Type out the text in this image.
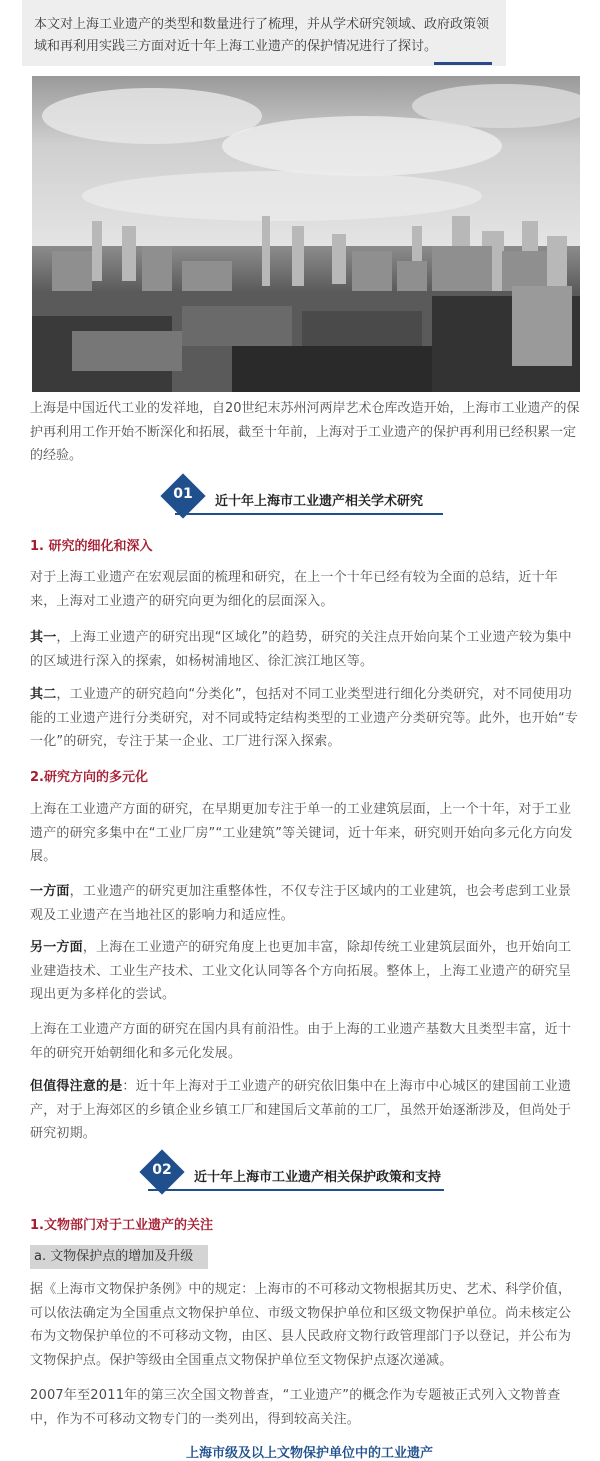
本文对上海工业遗产的类型和数量进行了梳理，并从学术研究领域、政府政策领域和再利用实践三方面对近十年上海工业遗产的保护情况进行了探讨。
上海是中国近代工业的发祥地，自20世纪末苏州河两岸艺术仓库改造开始，上海市工业遗产的保护再利用工作开始不断深化和拓展，截至十年前，上海对于工业遗产的保护再利用已经积累一定的经验。
01	近十年上海市工业遗产相关学术研究
1. 研究的细化和深入

对于上海工业遗产在宏观层面的梳理和研究，在上一个十年已经有较为全面的总结，近十年来，上海对工业遗产的研究向更为细化的层面深入。

其一，上海工业遗产的研究出现“区域化”的趋势，研究的关注点开始向某个工业遗产较为集中的区域进行深入的探索，如杨树浦地区、徐汇滨江地区等。

其二，工业遗产的研究趋向“分类化”，包括对不同工业类型进行细化分类研究，对不同使用功能的工业遗产进行分类研究，对不同或特定结构类型的工业遗产分类研究等。此外，也开始“专一化”的研究，专注于某一企业、工厂进行深入探索。

2.研究方向的多元化

上海在工业遗产方面的研究，在早期更加专注于单一的工业建筑层面，上一个十年，对于工业遗产的研究多集中在“工业厂房”“工业建筑”等关键词，近十年来，研究则开始向多元化方向发展。

一方面，工业遗产的研究更加注重整体性，不仅专注于区域内的工业建筑，也会考虑到工业景观及工业遗产在当地社区的影响力和适应性。

另一方面，上海在工业遗产的研究角度上也更加丰富，除却传统工业建筑层面外，也开始向工业建造技术、工业生产技术、工业文化认同等各个方向拓展。整体上，上海工业遗产的研究呈现出更为多样化的尝试。

上海在工业遗产方面的研究在国内具有前沿性。由于上海的工业遗产基数大且类型丰富，近十年的研究开始朝细化和多元化发展。

但值得注意的是：近十年上海对于工业遗产的研究依旧集中在上海市中心城区的建国前工业遗产，对于上海郊区的乡镇企业乡镇工厂和建国后文革前的工厂，虽然开始逐渐涉及，但尚处于研究初期。

02	近十年上海市工业遗产相关保护政策和支持
1.文物部门对于工业遗产的关注
a. 文物保护点的增加及升级

据《上海市文物保护条例》中的规定：上海市的不可移动文物根据其历史、艺术、科学价值，可以依法确定为全国重点文物保护单位、市级文物保护单位和区级文物保护单位。尚未核定公布为文物保护单位的不可移动文物，由区、县人民政府文物行政管理部门予以登记，并公布为文物保护点。保护等级由全国重点文物保护单位至文物保护点逐次递减。

2007年至2011年的第三次全国文物普查，“工业遗产”的概念作为专题被正式列入文物普查中，作为不可移动文物专门的一类列出，得到较高关注。

上海市级及以上文物保护单位中的工业遗产
